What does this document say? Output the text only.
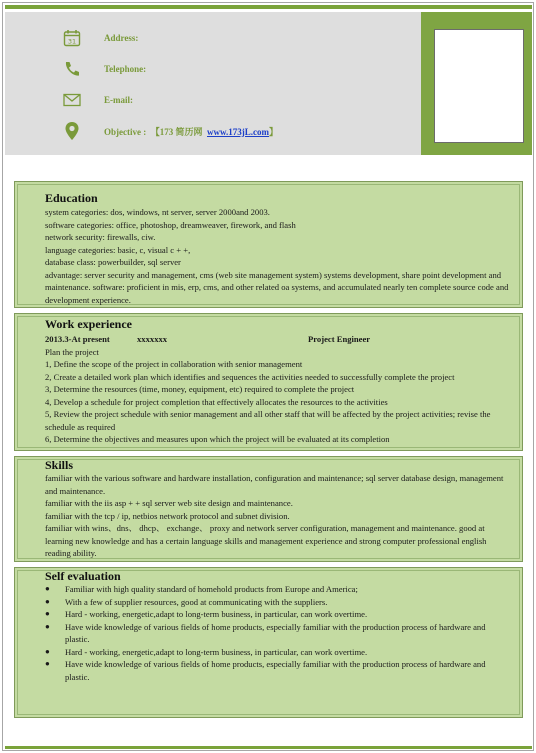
31	Address:
Telephone:
E-mail:
Objective : 【173 简历网 www.173jL.com】
Education
system categories: dos, windows, nt server, server 2000and 2003.
software categories: office, photoshop, dreamweaver, firework, and flash
network security: firewalls, ciw.
language categories: basic, c, visual c + +,
database class: powerbuilder, sql server
advantage: server security and management, cms (web site management system) systems development, share point development and maintenance. software: proficient in mis, erp, cms, and other related oa systems, and accumulated nearly ten complete source code and development experience.
Work experience
2013.3-At present	xxxxxxx	Project Engineer
Plan the project
1, Define the scope of the project in collaboration with senior management
2, Create a detailed work plan which identifies and sequences the activities needed to successfully complete the project
3, Determine the resources (time, money, equipment, etc) required to complete the project
4, Develop a schedule for project completion that effectively allocates the resources to the activities
5, Review the project schedule with senior management and all other staff that will be affected by the project activities; revise the schedule as required
6, Determine the objectives and measures upon which the project will be evaluated at its completion
Skills
familiar with the various software and hardware installation, configuration and maintenance; sql server database design, management and maintenance.
familiar with the iis asp + + sql server web site design and maintenance.
familiar with the tcp / ip, netbios network protocol and subnet division.
familiar with wins、dns、 dhcp、 exchange、 proxy and network server configuration, management and maintenance. good at learning new knowledge and has a certain language skills and management experience and strong computer professional english reading ability.
Self evaluation
● Familiar with high quality standard of homehold products from Europe and America;
● With a few of supplier resources, good at communicating with the suppliers.
● Hard - working, energetic,adapt to long-term business, in particular, can work overtime.
● Have wide knowledge of various fields of home products, especially familiar with the production process of hardware and plastic.
● Hard - working, energetic,adapt to long-term business, in particular, can work overtime.
● Have wide knowledge of various fields of home products, especially familiar with the production process of hardware and plastic.
